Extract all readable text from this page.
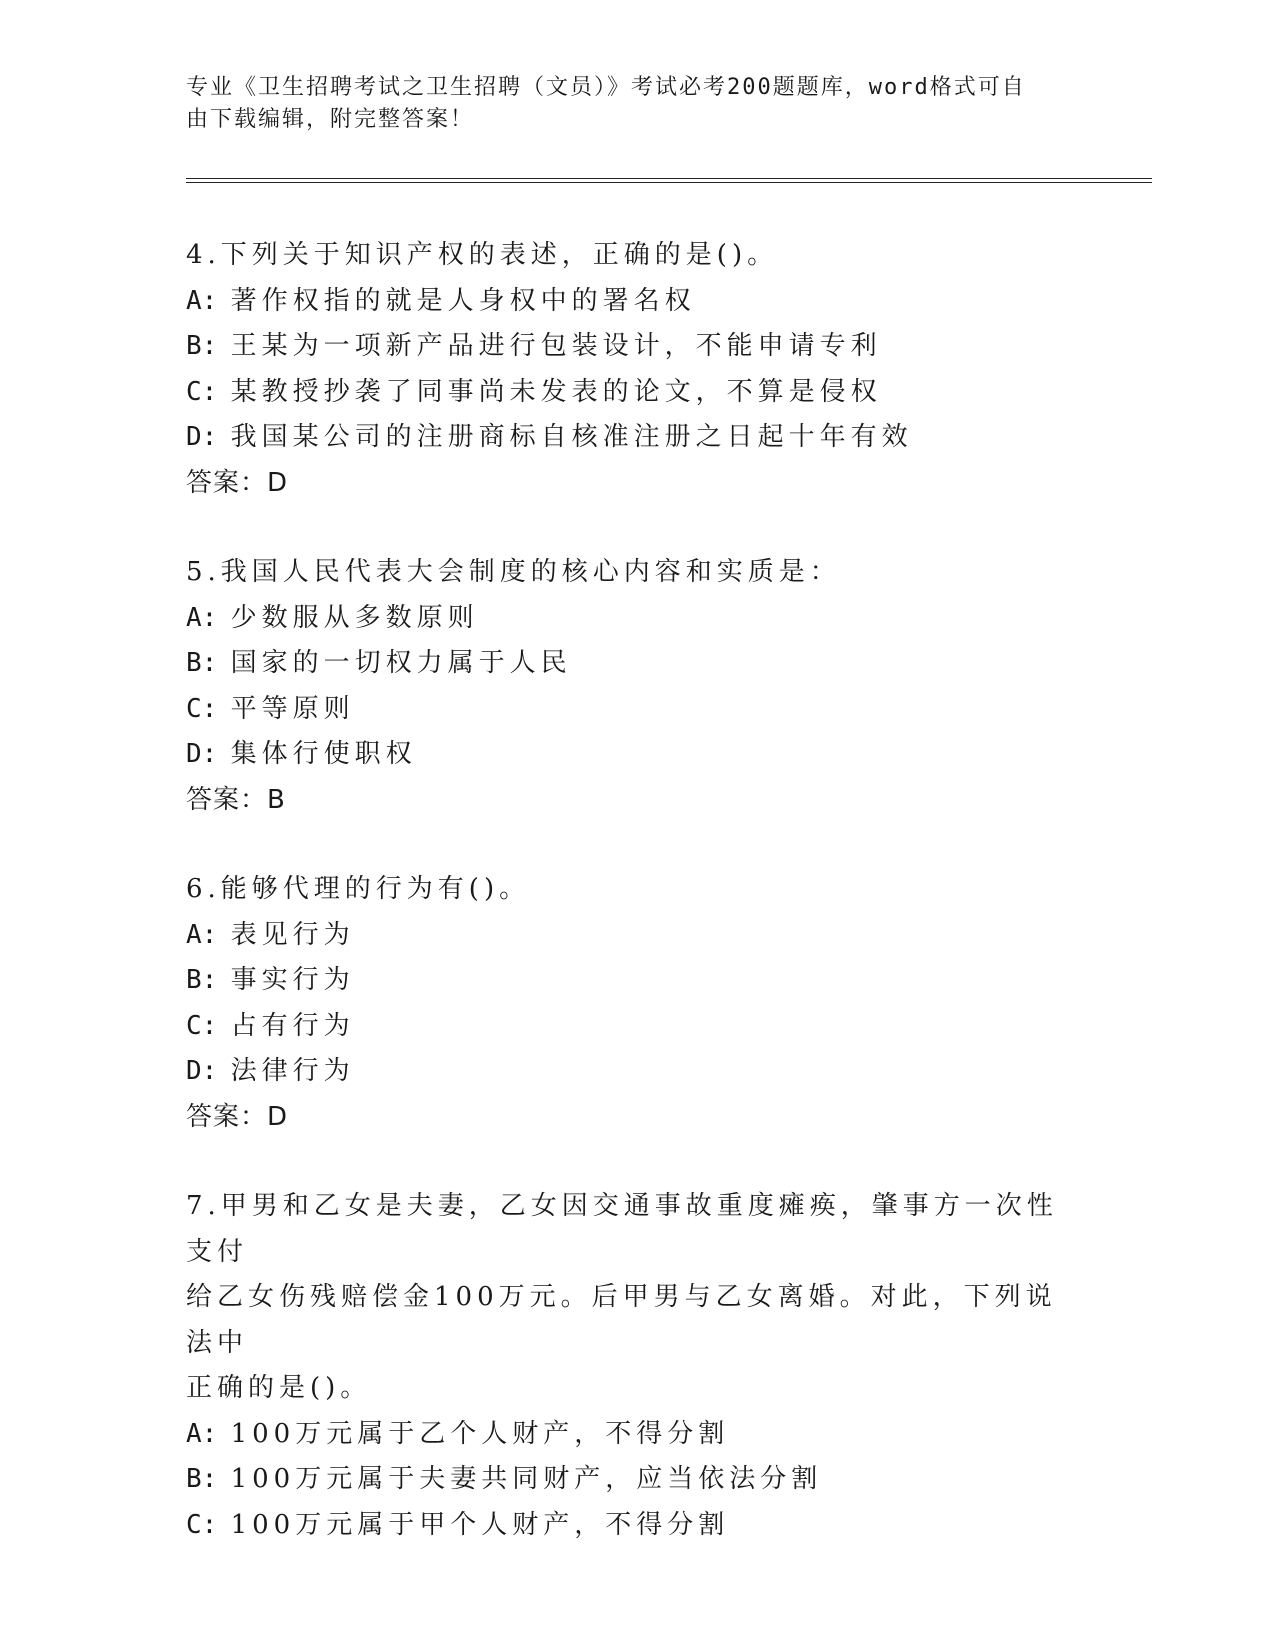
专业《卫生招聘考试之卫生招聘（文员）》考试必考200题题库，word格式可自
由下载编辑，附完整答案！

4.下列关于知识产权的表述，正确的是()。

A: 著作权指的就是人身权中的署名权

B: 王某为一项新产品进行包装设计，不能申请专利

C: 某教授抄袭了同事尚未发表的论文，不算是侵权

D: 我国某公司的注册商标自核准注册之日起十年有效

答案：D

5.我国人民代表大会制度的核心内容和实质是：

A: 少数服从多数原则

B: 国家的一切权力属于人民

C: 平等原则

D: 集体行使职权

答案：B

6.能够代理的行为有()。

A: 表见行为

B: 事实行为

C: 占有行为

D: 法律行为

答案：D

7.甲男和乙女是夫妻，乙女因交通事故重度瘫痪，肇事方一次性支付

给乙女伤残赔偿金100万元。后甲男与乙女离婚。对此，下列说法中

正确的是()。

A: 100万元属于乙个人财产，不得分割

B: 100万元属于夫妻共同财产，应当依法分割

C: 100万元属于甲个人财产，不得分割
